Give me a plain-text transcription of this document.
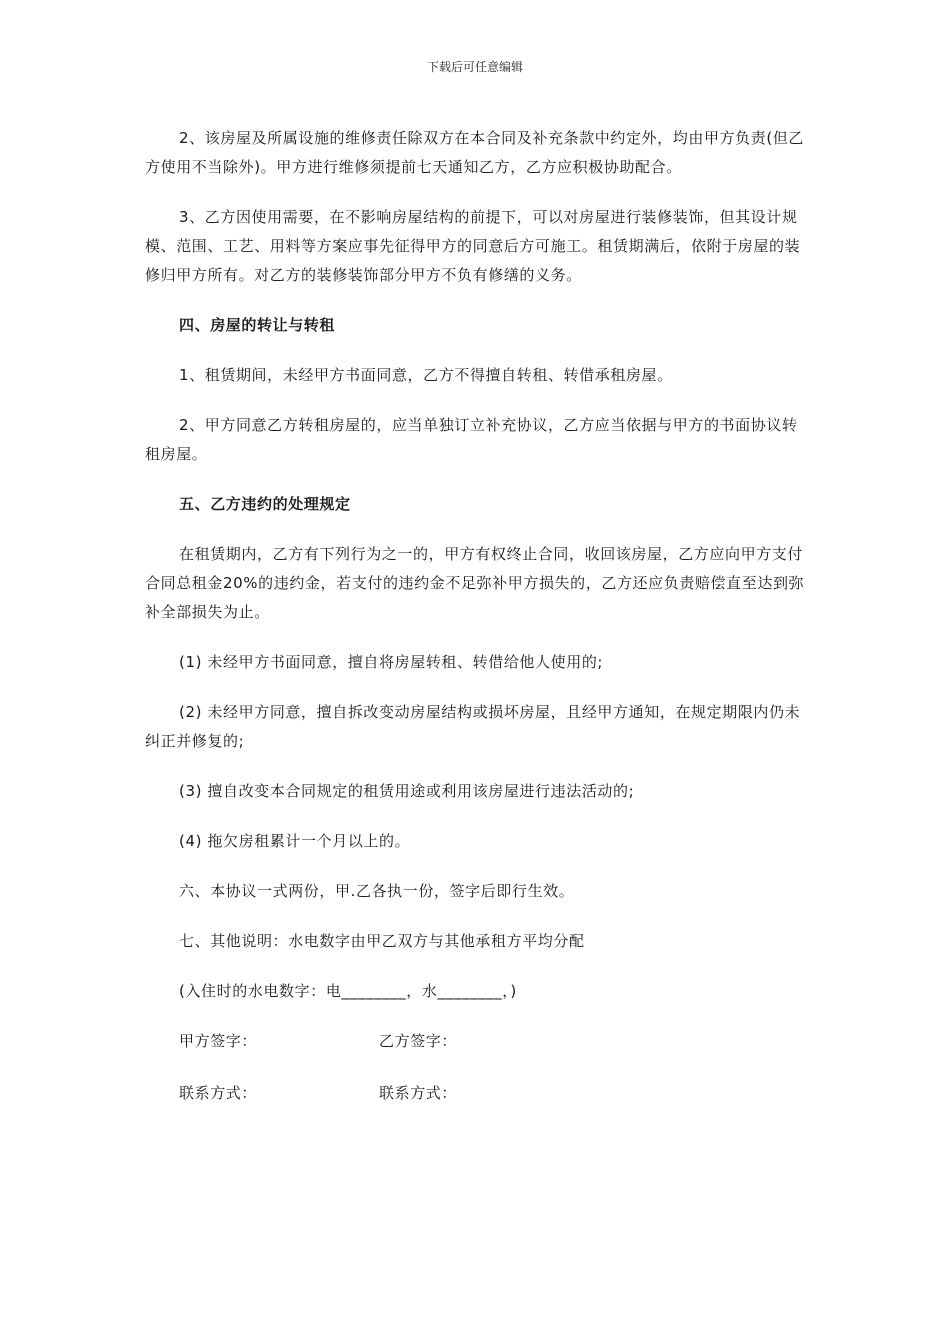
下载后可任意编辑

2、该房屋及所属设施的维修责任除双方在本合同及补充条款中约定外，均由甲方负责(但乙方使用不当除外)。甲方进行维修须提前七天通知乙方，乙方应积极协助配合。

3、乙方因使用需要，在不影响房屋结构的前提下，可以对房屋进行装修装饰，但其设计规模、范围、工艺、用料等方案应事先征得甲方的同意后方可施工。租赁期满后，依附于房屋的装修归甲方所有。对乙方的装修装饰部分甲方不负有修缮的义务。

四、房屋的转让与转租

1、租赁期间，未经甲方书面同意，乙方不得擅自转租、转借承租房屋。

2、甲方同意乙方转租房屋的，应当单独订立补充协议，乙方应当依据与甲方的书面协议转租房屋。

五、乙方违约的处理规定

在租赁期内，乙方有下列行为之一的，甲方有权终止合同，收回该房屋，乙方应向甲方支付合同总租金20%的违约金，若支付的违约金不足弥补甲方损失的，乙方还应负责赔偿直至达到弥补全部损失为止。

(1) 未经甲方书面同意，擅自将房屋转租、转借给他人使用的;

(2) 未经甲方同意，擅自拆改变动房屋结构或损坏房屋，且经甲方通知，在规定期限内仍未纠正并修复的;

(3) 擅自改变本合同规定的租赁用途或利用该房屋进行违法活动的;

(4) 拖欠房租累计一个月以上的。

六、本协议一式两份，甲.乙各执一份，签字后即行生效。

七、其他说明：水电数字由甲乙双方与其他承租方平均分配

(入住时的水电数字：电________，水________，)

甲方签字：	乙方签字：
联系方式：	联系方式：
